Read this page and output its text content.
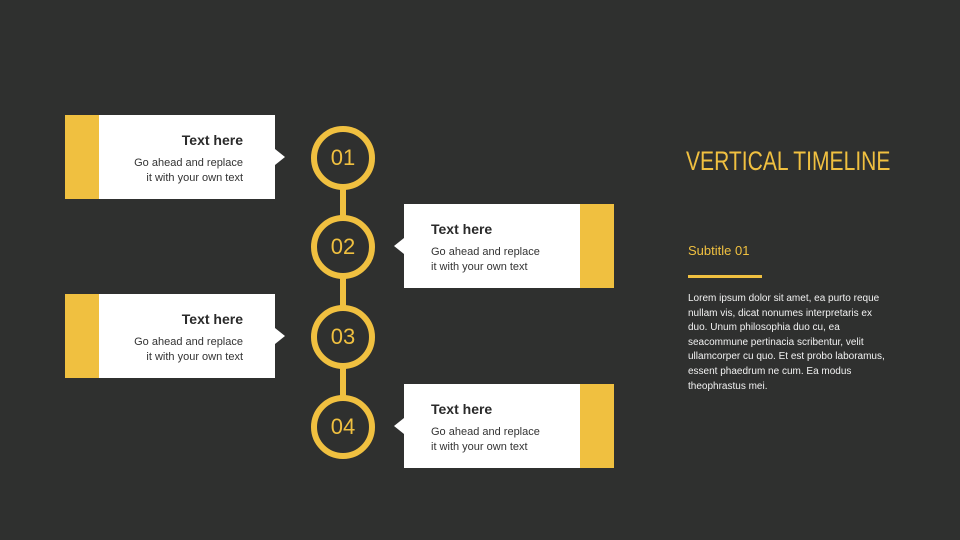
Text here
Go ahead and replace
it with your own text
01
Text here
Go ahead and replace
it with your own text
02
Text here
Go ahead and replace
it with your own text
03
Text here
Go ahead and replace
it with your own text
04
VERTICAL TIMELINE
Subtitle 01
Lorem ipsum dolor sit amet, ea purto reque nullam vis, dicat nonumes interpretaris ex duo. Unum philosophia duo cu, ea seacommune pertinacia scribentur, velit ullamcorper cu quo. Et est probo laboramus, essent phaedrum ne cum. Ea modus theophrastus mei.
